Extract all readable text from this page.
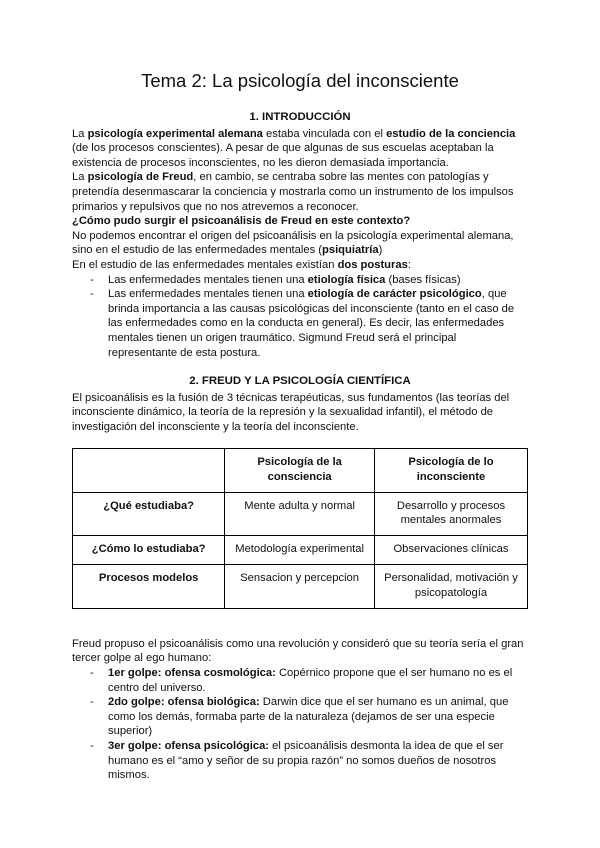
Tema 2: La psicología del inconsciente
1. INTRODUCCIÓN

La psicología experimental alemana estaba vinculada con el estudio de la conciencia (de los procesos conscientes). A pesar de que algunas de sus escuelas aceptaban la existencia de procesos inconscientes, no les dieron demasiada importancia.

La psicología de Freud, en cambio, se centraba sobre las mentes con patologías y pretendía desenmascarar la conciencia y mostrarla como un instrumento de los impulsos primarios y repulsivos que no nos atrevemos a reconocer.

¿Cómo pudo surgir el psicoanálisis de Freud en este contexto?

No podemos encontrar el origen del psicoanálisis en la psicología experimental alemana, sino en el estudio de las enfermedades mentales (psiquiatría)

En el estudio de las enfermedades mentales existían dos posturas:

- Las enfermedades mentales tienen una etiología física (bases físicas)
- Las enfermedades mentales tienen una etiología de carácter psicológico, que brinda importancia a las causas psicológicas del inconsciente (tanto en el caso de las enfermedades como en la conducta en general). Es decir, las enfermedades mentales tienen un origen traumático. Sigmund Freud será el principal representante de esta postura.
2. FREUD Y LA PSICOLOGÍA CIENTÍFICA

El psicoanálisis es la fusión de 3 técnicas terapéuticas, sus fundamentos (las teorías del inconsciente dinámico, la teoría de la represión y la sexualidad infantil), el método de investigación del inconsciente y la teoría del inconsciente.

	Psicología de la consciencia	Psicología de lo inconsciente
¿Qué estudiaba?	Mente adulta y normal	Desarrollo y procesos mentales anormales
¿Cómo lo estudiaba?	Metodología experimental	Observaciones clínicas
Procesos modelos	Sensacion y percepcion	Personalidad, motivación y psicopatología

Freud propuso el psicoanálisis como una revolución y consideró que su teoría sería el gran tercer golpe al ego humano:

- 1er golpe: ofensa cosmológica: Copérnico propone que el ser humano no es el centro del universo.
- 2do golpe: ofensa biológica: Darwin dice que el ser humano es un animal, que como los demás, formaba parte de la naturaleza (dejamos de ser una especie superior)
- 3er golpe: ofensa psicológica: el psicoanálisis desmonta la idea de que el ser humano es el “amo y señor de su propia razón” no somos dueños de nosotros mismos.
